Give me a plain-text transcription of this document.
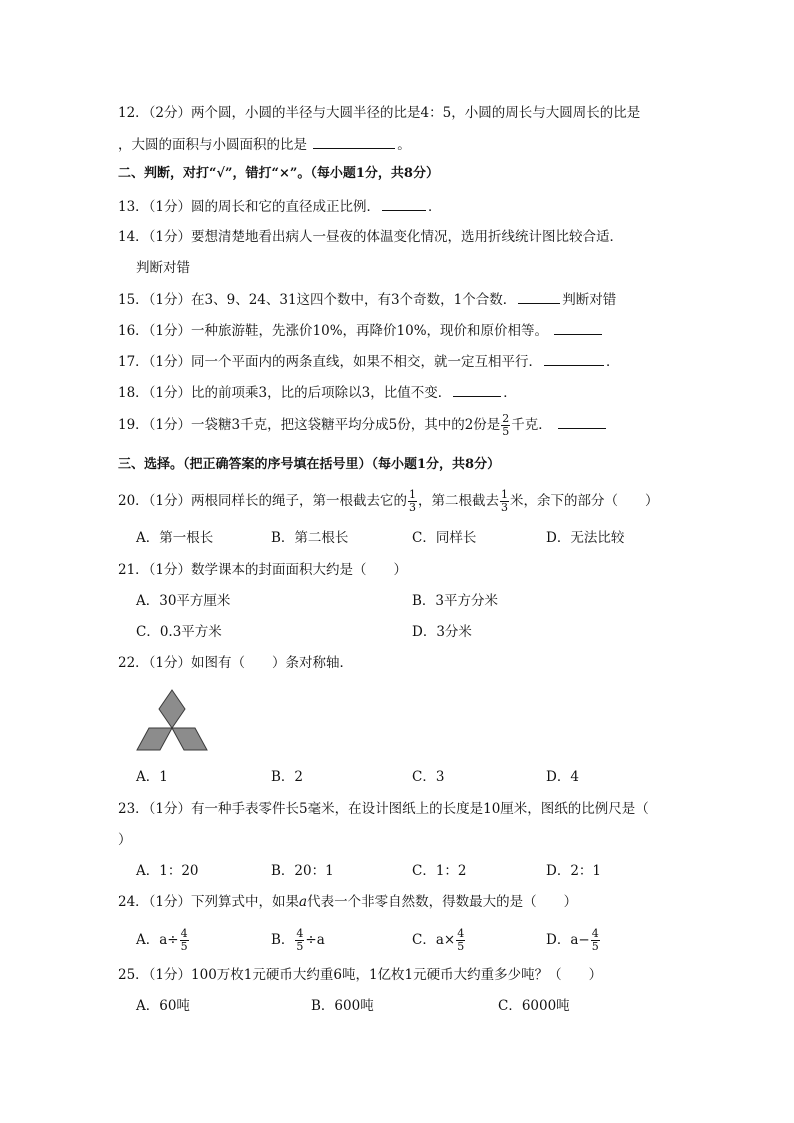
12．（2分）两个圆，小圆的半径与大圆半径的比是4：5，小圆的周长与大圆周长的比是
，大圆的面积与小圆面积的比是	。
二、判断，对打“√”，错打“×”。（每小题1分，共8分）
13．（1分）圆的周长和它的直径成正比例．	．
14．（1分）要想清楚地看出病人一昼夜的体温变化情况，选用折线统计图比较合适．
判断对错
15．（1分）在3、9、24、31这四个数中，有3个奇数，1个合数．	判断对错
16．（1分）一种旅游鞋，先涨价10%，再降价10%，现价和原价相等。
17．（1分）同一个平面内的两条直线，如果不相交，就一定互相平行．	．
18．（1分）比的前项乘3，比的后项除以3，比值不变．	．
19．（1分）一袋糖3千克，把这袋糖平均分成5份，其中的2份是 $\frac{2}{5}$ 千克．
三、选择。（把正确答案的序号填在括号里）（每小题1分，共8分）
20．（1分）两根同样长的绳子，第一根截去它的 $\frac{1}{3}$ ，第二根截去 $\frac{1}{3}$ 米，余下的部分（　　）
A．第一根长	B．第二根长	C．同样长	D．无法比较
21．（1分）数学课本的封面面积大约是（　　）
A．30平方厘米	B．3平方分米
C．0.3平方米	D．3分米
22．（1分）如图有（　　）条对称轴．
A．1	B．2	C．3	D．4
23．（1分）有一种手表零件长5毫米，在设计图纸上的长度是10厘米，图纸的比例尺是（
）
A．1：20	B．20：1	C．1：2	D．2：1
24．（1分）下列算式中，如果a代表一个非零自然数，得数最大的是（　　）
A．$a\div \frac{4}{5}$	B． $\frac{4}{5} \div a$	C．$a\times \frac{4}{5}$	D．$a- \frac{4}{5}$
25．（1分）100万枚1元硬币大约重6吨，1亿枚1元硬币大约重多少吨？（　　）
A．60吨	B．600吨	C．6000吨
